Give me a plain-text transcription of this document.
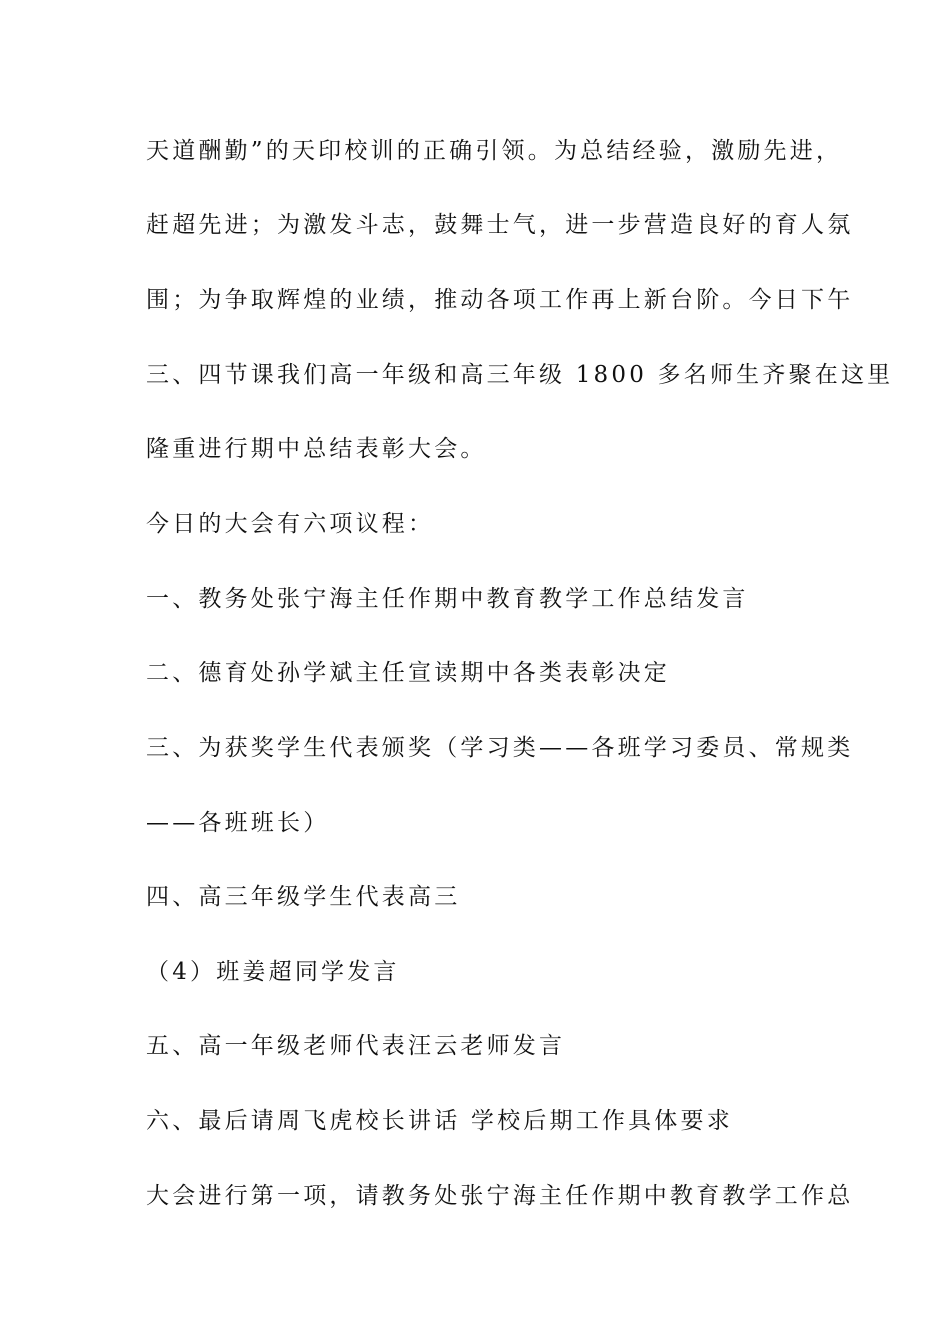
天道酬勤”的天印校训的正确引领。为总结经验，激励先进，
赶超先进；为激发斗志，鼓舞士气，进一步营造良好的育人氛
围；为争取辉煌的业绩，推动各项工作再上新台阶。今日下午
三、四节课我们高一年级和高三年级 1800 多名师生齐聚在这里
隆重进行期中总结表彰大会。
今日的大会有六项议程：
一、教务处张宁海主任作期中教育教学工作总结发言
二、德育处孙学斌主任宣读期中各类表彰决定
三、为获奖学生代表颁奖（学习类——各班学习委员、常规类
——各班班长）
四、高三年级学生代表高三
（4）班姜超同学发言
五、高一年级老师代表汪云老师发言
六、最后请周飞虎校长讲话 学校后期工作具体要求
大会进行第一项，请教务处张宁海主任作期中教育教学工作总
